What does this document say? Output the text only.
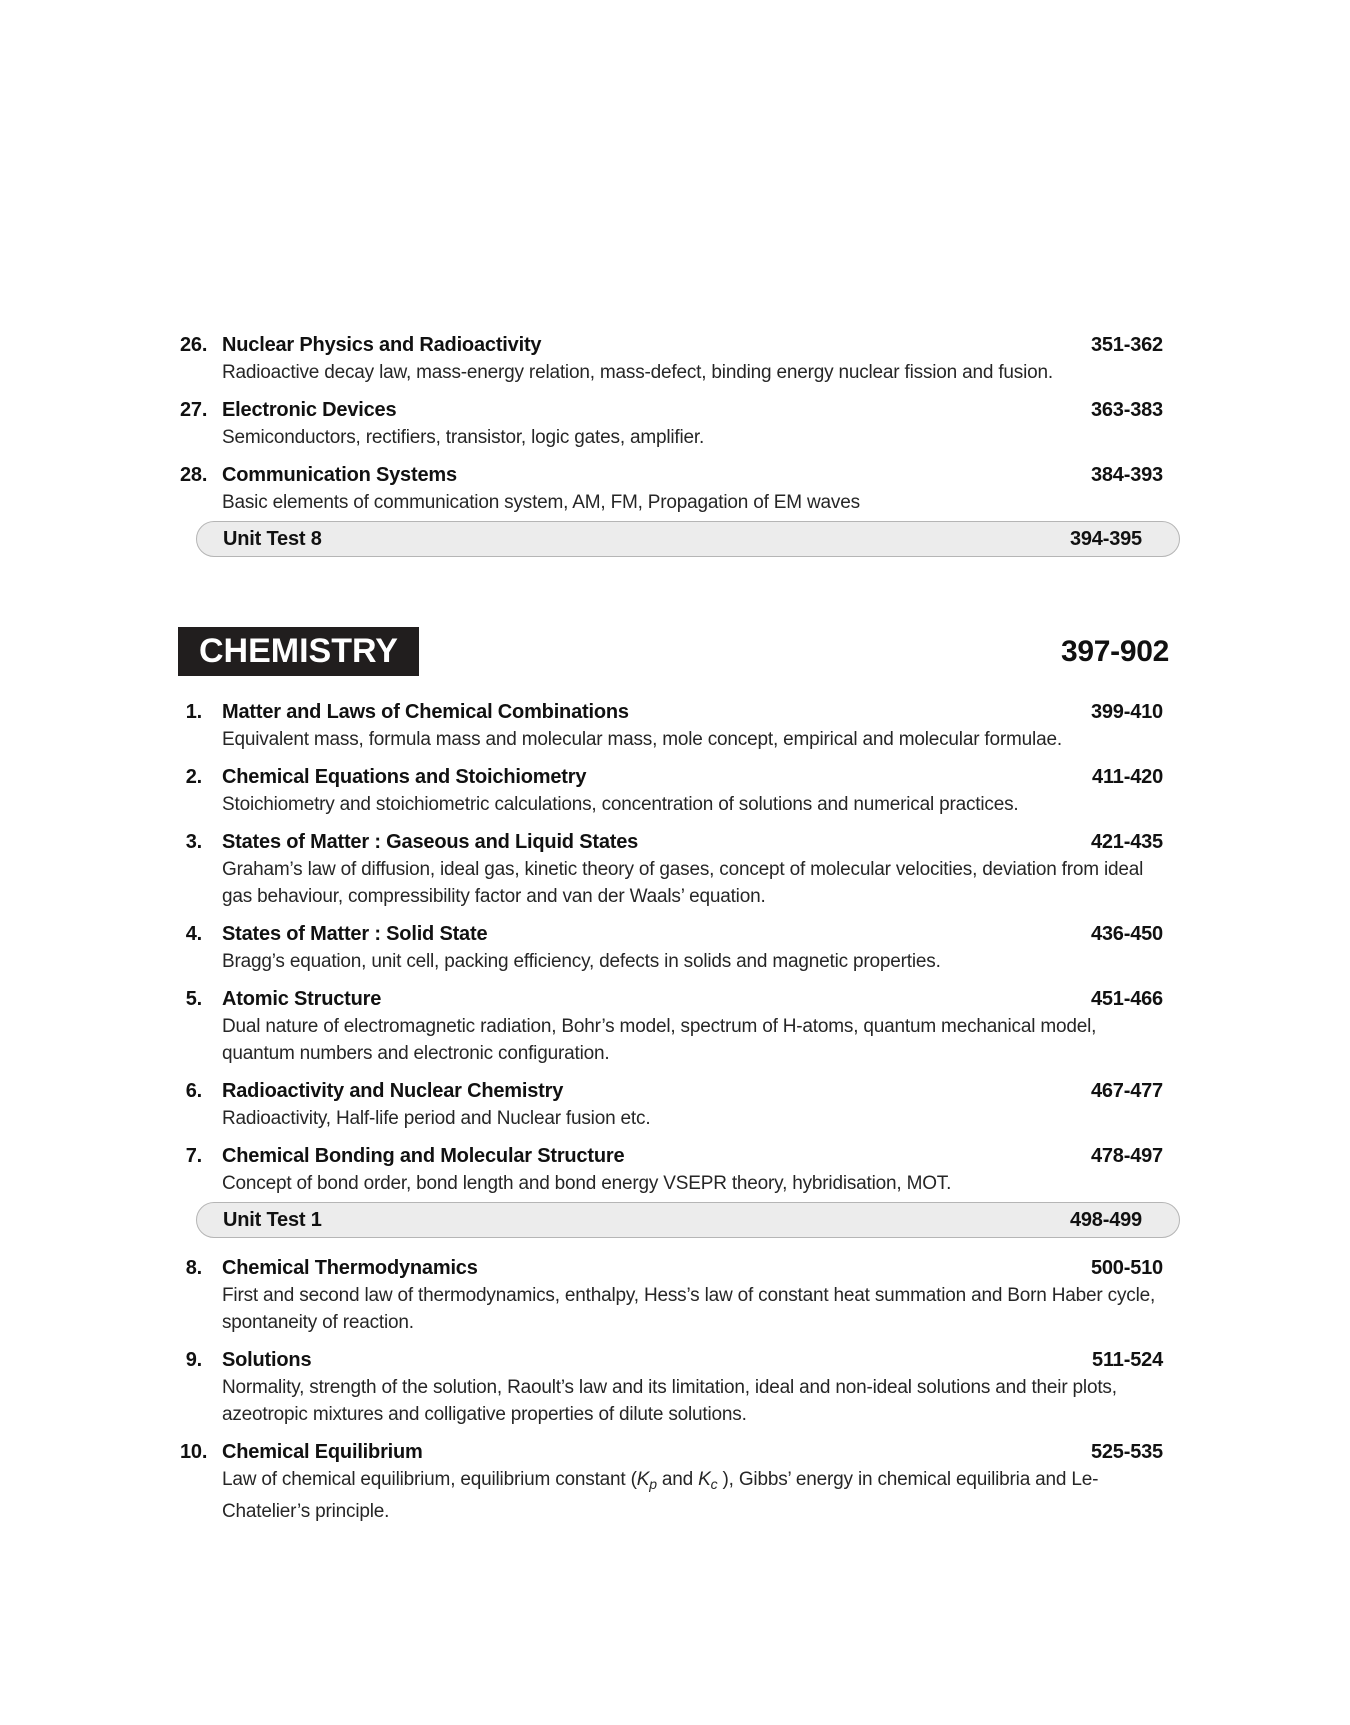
26. Nuclear Physics and Radioactivity	351-362
Radioactive decay law, mass-energy relation, mass-defect, binding energy nuclear fission and fusion.
27. Electronic Devices	363-383
Semiconductors, rectifiers, transistor, logic gates, amplifier.
28. Communication Systems	384-393
Basic elements of communication system, AM, FM, Propagation of EM waves
Unit Test 8	394-395
CHEMISTRY	397-902
1.	Matter and Laws of Chemical Combinations	399-410
Equivalent mass, formula mass and molecular mass, mole concept, empirical and molecular formulae.
2.	Chemical Equations and Stoichiometry	411-420
Stoichiometry and stoichiometric calculations, concentration of solutions and numerical practices.
3.	States of Matter : Gaseous and Liquid States	421-435
Graham’s law of diffusion, ideal gas, kinetic theory of gases, concept of molecular velocities, deviation from ideal gas behaviour, compressibility factor and van der Waals’ equation.
4.	States of Matter : Solid State	436-450
Bragg’s equation, unit cell, packing efficiency, defects in solids and magnetic properties.
5.	Atomic Structure	451-466
Dual nature of electromagnetic radiation, Bohr’s model, spectrum of H-atoms, quantum mechanical model, quantum numbers and electronic configuration.
6.	Radioactivity and Nuclear Chemistry	467-477
Radioactivity, Half-life period and Nuclear fusion etc.
7.	Chemical Bonding and Molecular Structure	478-497
Concept of bond order, bond length and bond energy VSEPR theory, hybridisation, MOT.
Unit Test 1	498-499
8.	Chemical Thermodynamics	500-510
First and second law of thermodynamics, enthalpy, Hess’s law of constant heat summation and Born Haber cycle, spontaneity of reaction.
9.	Solutions	511-524
Normality, strength of the solution, Raoult’s law and its limitation, ideal and non-ideal solutions and their plots, azeotropic mixtures and colligative properties of dilute solutions.
10. Chemical Equilibrium	525-535
Law of chemical equilibrium, equilibrium constant ($K_p$ and $K_c$ ), Gibbs’ energy in chemical equilibria and Le-Chatelier’s principle.
